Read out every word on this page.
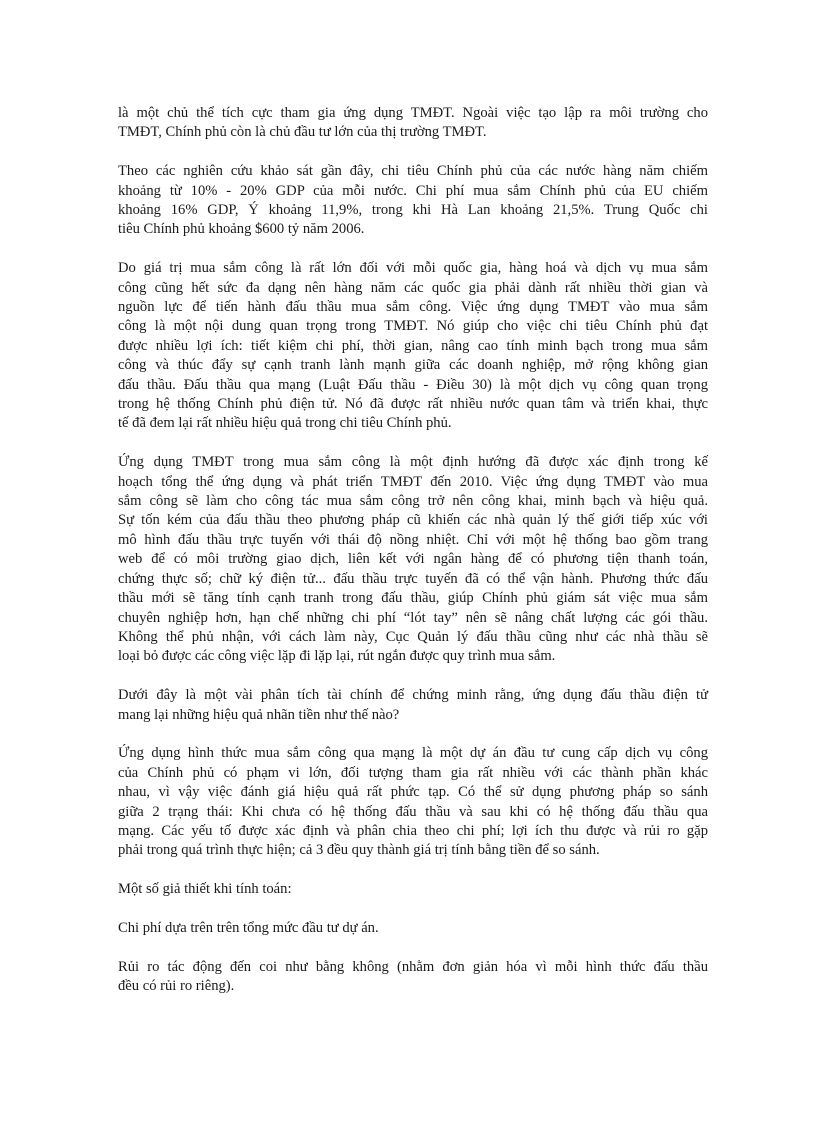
là một chủ thể tích cực tham gia ứng dụng TMĐT. Ngoài việc tạo lập ra môi trường cho
TMĐT, Chính phủ còn là chủ đầu tư lớn của thị trường TMĐT.
Theo các nghiên cứu khảo sát gần đây, chi tiêu Chính phủ của các nước hàng năm chiếm
khoảng từ 10% - 20% GDP của mỗi nước. Chi phí mua sắm Chính phủ của EU chiếm
khoảng 16% GDP, Ý khoảng 11,9%, trong khi Hà Lan khoảng 21,5%. Trung Quốc chi
tiêu Chính phủ khoảng $600 tỷ năm 2006.
Do giá trị mua sắm công là rất lớn đối với mỗi quốc gia, hàng hoá và dịch vụ mua sắm
công cũng hết sức đa dạng nên hàng năm các quốc gia phải dành rất nhiều thời gian và
nguồn lực để tiến hành đấu thầu mua sắm công. Việc ứng dụng TMĐT vào mua sắm
công là một nội dung quan trọng trong TMĐT. Nó giúp cho việc chi tiêu Chính phủ đạt
được nhiều lợi ích: tiết kiệm chi phí, thời gian, nâng cao tính minh bạch trong mua sắm
công và thúc đẩy sự cạnh tranh lành mạnh giữa các doanh nghiệp, mở rộng không gian
đấu thầu. Đấu thầu qua mạng (Luật Đấu thầu - Điều 30) là một dịch vụ công quan trọng
trong hệ thống Chính phủ điện tử. Nó đã được rất nhiều nước quan tâm và triển khai, thực
tế đã đem lại rất nhiều hiệu quả trong chi tiêu Chính phủ.
Ứng dụng TMĐT trong mua sắm công là một định hướng đã được xác định trong kế
hoạch tổng thể ứng dụng và phát triển TMĐT đến 2010. Việc ứng dụng TMĐT vào mua
sắm công sẽ làm cho công tác mua sắm công trở nên công khai, minh bạch và hiệu quả.
Sự tốn kém của đấu thầu theo phương pháp cũ khiến các nhà quản lý thế giới tiếp xúc với
mô hình đấu thầu trực tuyến với thái độ nồng nhiệt. Chỉ với một hệ thống bao gồm trang
web để có môi trường giao dịch, liên kết với ngân hàng để có phương tiện thanh toán,
chứng thực số; chữ ký điện tử... đấu thầu trực tuyến đã có thể vận hành. Phương thức đấu
thầu mới sẽ tăng tính cạnh tranh trong đấu thầu, giúp Chính phủ giám sát việc mua sắm
chuyên nghiệp hơn, hạn chế những chi phí “lót tay” nên sẽ nâng chất lượng các gói thầu.
Không thể phủ nhận, với cách làm này, Cục Quản lý đấu thầu cũng như các nhà thầu sẽ
loại bỏ được các công việc lặp đi lặp lại, rút ngắn được quy trình mua sắm.
Dưới đây là một vài phân tích tài chính để chứng minh rằng, ứng dụng đấu thầu điện tử
mang lại những hiệu quả nhãn tiền như thế nào?
Ứng dụng hình thức mua sắm công qua mạng là một dự án đầu tư cung cấp dịch vụ công
của Chính phủ có phạm vi lớn, đối tượng tham gia rất nhiều với các thành phần khác
nhau, vì vậy việc đánh giá hiệu quả rất phức tạp. Có thể sử dụng phương pháp so sánh
giữa 2 trạng thái: Khi chưa có hệ thống đấu thầu và sau khi có hệ thống đấu thầu qua
mạng. Các yếu tố được xác định và phân chia theo chi phí; lợi ích thu được và rủi ro gặp
phải trong quá trình thực hiện; cả 3 đều quy thành giá trị tính bằng tiền để so sánh.
Một số giả thiết khi tính toán:
Chi phí dựa trên trên tổng mức đầu tư dự án.
Rủi ro tác động đến coi như bằng không (nhằm đơn giản hóa vì mỗi hình thức đấu thầu
đều có rủi ro riêng).
